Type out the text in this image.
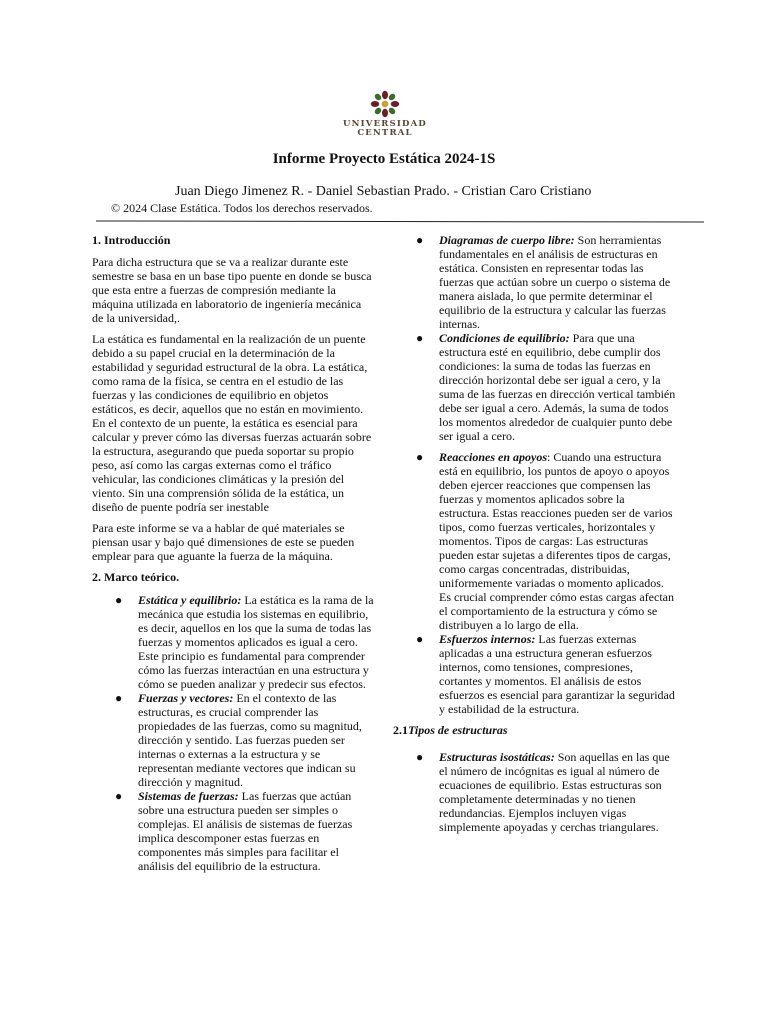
UNIVERSIDAD
CENTRAL
Informe Proyecto Estática 2024-1S
Juan Diego Jimenez R. - Daniel Sebastian Prado. - Cristian Caro Cristiano
© 2024 Clase Estática. Todos los derechos reservados.
1. Introducción

Para dicha estructura que se va a realizar durante este semestre se basa en un base tipo puente en donde se busca que esta entre a fuerzas de compresión mediante la máquina utilizada en laboratorio de ingeniería mecánica de la universidad,.

La estática es fundamental en la realización de un puente debido a su papel crucial en la determinación de la estabilidad y seguridad estructural de la obra. La estática, como rama de la física, se centra en el estudio de las fuerzas y las condiciones de equilibrio en objetos estáticos, es decir, aquellos que no están en movimiento. En el contexto de un puente, la estática es esencial para calcular y prever cómo las diversas fuerzas actuarán sobre la estructura, asegurando que pueda soportar su propio peso, así como las cargas externas como el tráfico vehicular, las condiciones climáticas y la presión del viento. Sin una comprensión sólida de la estática, un diseño de puente podría ser inestable

Para este informe se va a hablar de qué materiales se piensan usar y bajo qué dimensiones de este se pueden emplear para que aguante la fuerza de la máquina.

2. Marco teórico.
● Estática y equilibrio: La estática es la rama de la mecánica que estudia los sistemas en equilibrio, es decir, aquellos en los que la suma de todas las fuerzas y momentos aplicados es igual a cero. Este principio es fundamental para comprender cómo las fuerzas interactúan en una estructura y cómo se pueden analizar y predecir sus efectos.
● Fuerzas y vectores: En el contexto de las estructuras, es crucial comprender las propiedades de las fuerzas, como su magnitud, dirección y sentido. Las fuerzas pueden ser internas o externas a la estructura y se representan mediante vectores que indican su dirección y magnitud.
● Sistemas de fuerzas: Las fuerzas que actúan sobre una estructura pueden ser simples o complejas. El análisis de sistemas de fuerzas implica descomponer estas fuerzas en componentes más simples para facilitar el análisis del equilibrio de la estructura.
● Diagramas de cuerpo libre: Son herramientas fundamentales en el análisis de estructuras en estática. Consisten en representar todas las fuerzas que actúan sobre un cuerpo o sistema de manera aislada, lo que permite determinar el equilibrio de la estructura y calcular las fuerzas internas.
● Condiciones de equilibrio: Para que una estructura esté en equilibrio, debe cumplir dos condiciones: la suma de todas las fuerzas en dirección horizontal debe ser igual a cero, y la suma de las fuerzas en dirección vertical también debe ser igual a cero. Además, la suma de todos los momentos alrededor de cualquier punto debe ser igual a cero.
● Reacciones en apoyos: Cuando una estructura está en equilibrio, los puntos de apoyo o apoyos deben ejercer reacciones que compensen las fuerzas y momentos aplicados sobre la estructura. Estas reacciones pueden ser de varios tipos, como fuerzas verticales, horizontales y momentos. Tipos de cargas: Las estructuras pueden estar sujetas a diferentes tipos de cargas, como cargas concentradas, distribuidas, uniformemente variadas o momento aplicados. Es crucial comprender cómo estas cargas afectan el comportamiento de la estructura y cómo se distribuyen a lo largo de ella.
● Esfuerzos internos: Las fuerzas externas aplicadas a una estructura generan esfuerzos internos, como tensiones, compresiones, cortantes y momentos. El análisis de estos esfuerzos es esencial para garantizar la seguridad y estabilidad de la estructura.
2.1Tipos de estructuras
● Estructuras isostáticas: Son aquellas en las que el número de incógnitas es igual al número de ecuaciones de equilibrio. Estas estructuras son completamente determinadas y no tienen redundancias. Ejemplos incluyen vigas simplemente apoyadas y cerchas triangulares.
